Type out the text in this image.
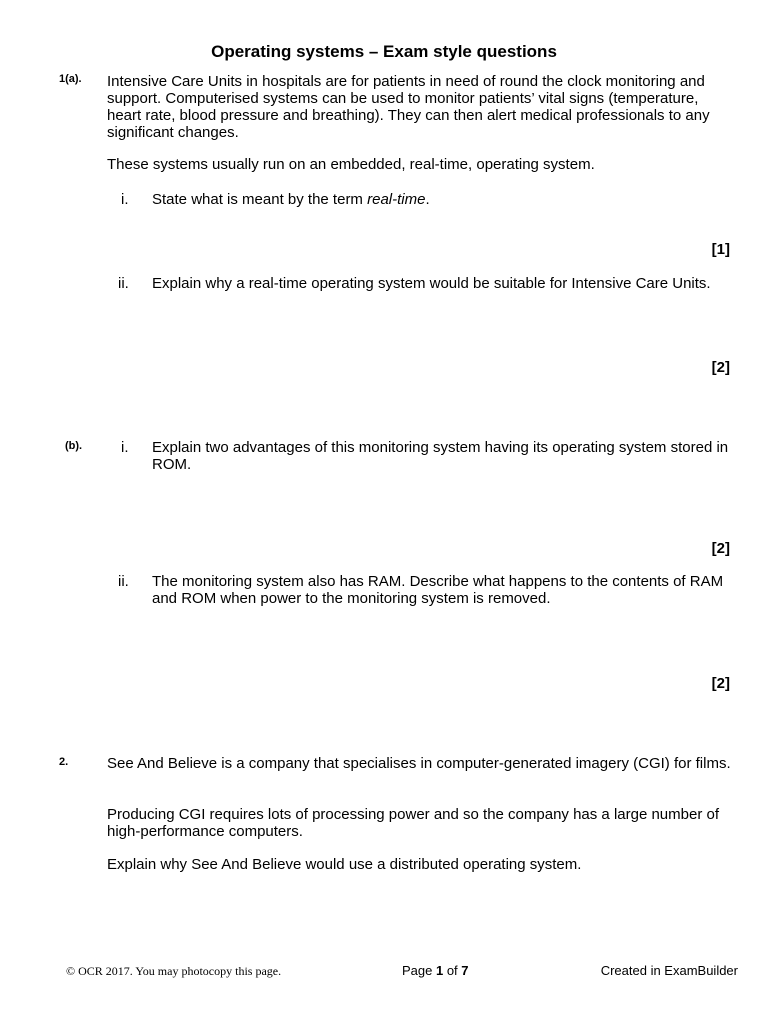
Operating systems – Exam style questions
1(a). Intensive Care Units in hospitals are for patients in need of round the clock monitoring and support. Computerised systems can be used to monitor patients’ vital signs (temperature, heart rate, blood pressure and breathing). They can then alert medical professionals to any significant changes.
These systems usually run on an embedded, real-time, operating system.
i. State what is meant by the term real-time.
[1]
ii. Explain why a real-time operating system would be suitable for Intensive Care Units.
[2]
(b).	i. Explain two advantages of this monitoring system having its operating system stored in ROM.
[2]
ii. The monitoring system also has RAM. Describe what happens to the contents of RAM and ROM when power to the monitoring system is removed.
[2]
2.	See And Believe is a company that specialises in computer-generated imagery (CGI) for films.
Producing CGI requires lots of processing power and so the company has a large number of high-performance computers.
Explain why See And Believe would use a distributed operating system.
© OCR 2017. You may photocopy this page.	Page 1 of 7	Created in ExamBuilder
